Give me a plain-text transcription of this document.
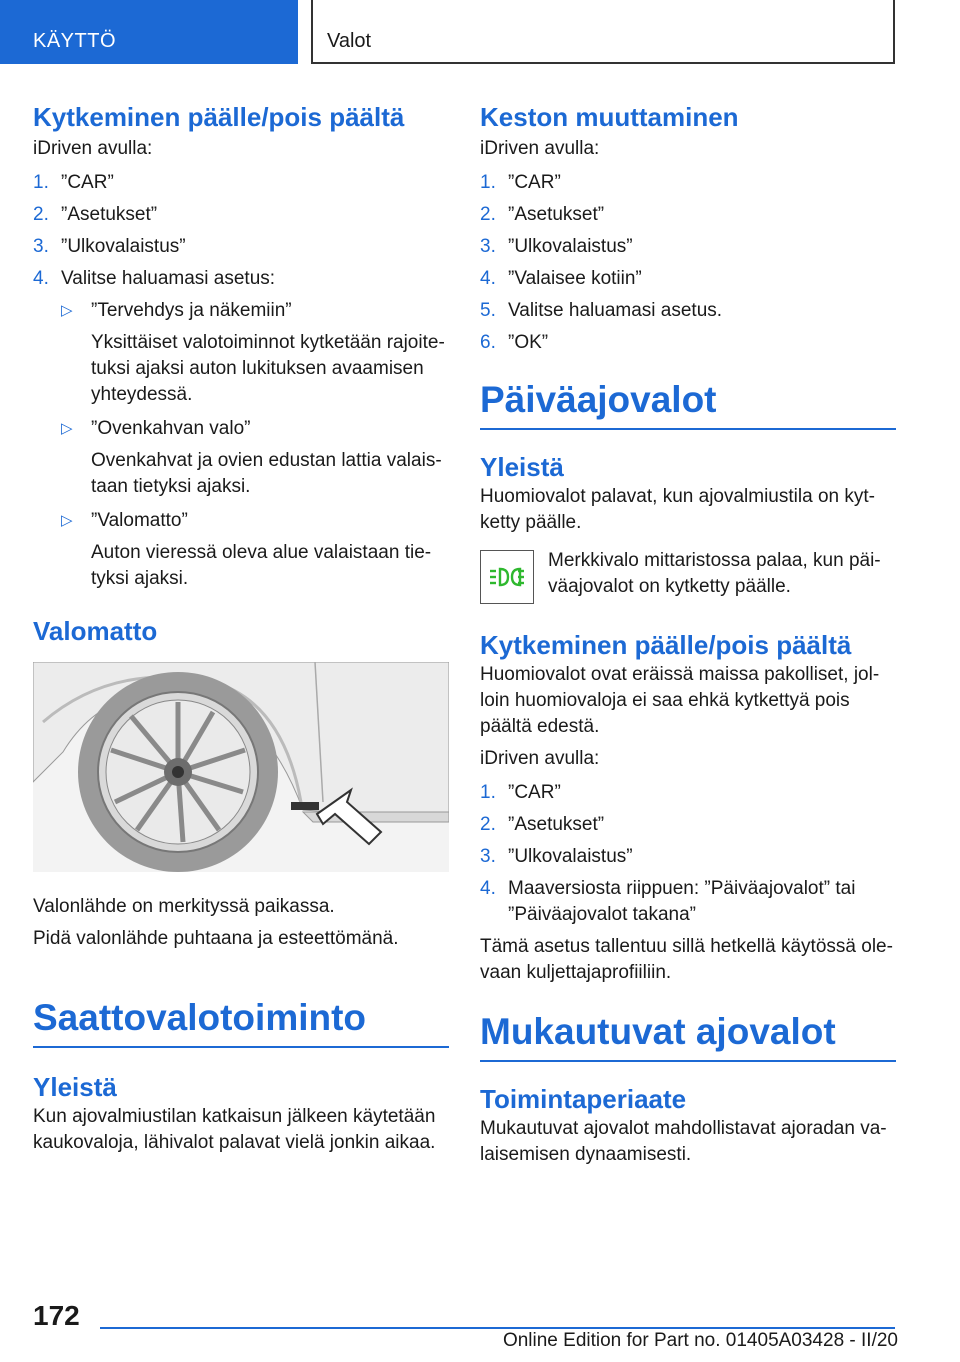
KÄYTTÖ	Valot
Kytkeminen päälle/pois päältä

iDriven avulla:

1. ”CAR”
2. ”Asetukset”
3. ”Ulkovalaistus”
4. Valitse haluamasi asetus:
▷ ”Tervehdys ja näkemiin”
Yksittäiset valotoiminnot kytketään rajoite-
tuksi ajaksi auton lukituksen avaamisen
yhteydessä.
▷ ”Ovenkahvan valo”
Ovenkahvat ja ovien edustan lattia valais-
taan tietyksi ajaksi.
▷ ”Valomatto”
Auton vieressä oleva alue valaistaan tie-
tyksi ajaksi.
Valomatto

Valonlähde on merkityssä paikassa.

Pidä valonlähde puhtaana ja esteettömänä.

Saattovalotoiminto
Yleistä

Kun ajovalmiustilan katkaisun jälkeen käytetään
kaukovaloja, lähivalot palavat vielä jonkin aikaa.

Keston muuttaminen

iDriven avulla:

1. ”CAR”
2. ”Asetukset”
3. ”Ulkovalaistus”
4. ”Valaisee kotiin”
5. Valitse haluamasi asetus.
6. ”OK”
Päiväajovalot
Yleistä

Huomiovalot palavat, kun ajovalmiustila on kyt-
ketty päälle.

Merkkivalo mittaristossa palaa, kun päi-
väajovalot on kytketty päälle.

Kytkeminen päälle/pois päältä

Huomiovalot ovat eräissä maissa pakolliset, jol-
loin huomiovaloja ei saa ehkä kytkettyä pois
päältä edestä.

iDriven avulla:

1. ”CAR”
2. ”Asetukset”
3. ”Ulkovalaistus”
4. Maaversiosta riippuen: ”Päiväajovalot” tai ”Päiväajovalot takana”

Tämä asetus tallentuu sillä hetkellä käytössä ole-
vaan kuljettajaprofiiliin.

Mukautuvat ajovalot
Toimintaperiaate

Mukautuvat ajovalot mahdollistavat ajoradan va-
laisemisen dynaamisesti.

172
Online Edition for Part no. 01405A03428 - II/20
